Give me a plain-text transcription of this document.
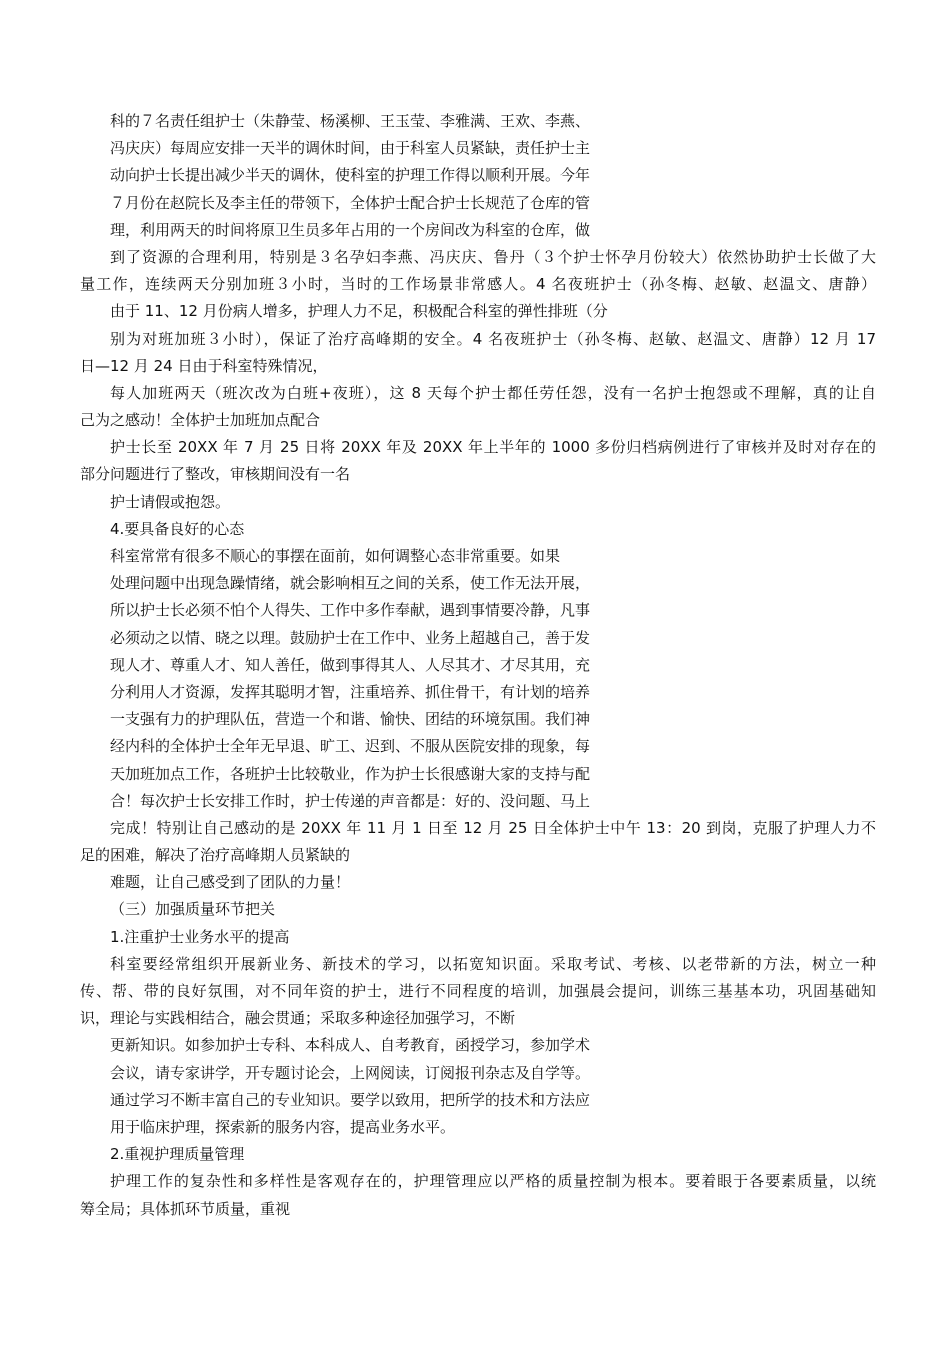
科的７名责任组护士（朱静莹、杨溪柳、王玉莹、李雅满、王欢、李燕、
冯庆庆）每周应安排一天半的调休时间，由于科室人员紧缺，责任护士主
动向护士长提出减少半天的调休，使科室的护理工作得以顺利开展。今年
７月份在赵院长及李主任的带领下，全体护士配合护士长规范了仓库的管
理，利用两天的时间将原卫生员多年占用的一个房间改为科室的仓库，做
到了资源的合理利用，特别是３名孕妇李燕、冯庆庆、鲁丹（３个护士怀孕月份较大）依然协助护士长做了大
量工作，连续两天分别加班３小时，当时的工作场景非常感人。4 名夜班护士（孙冬梅、赵敏、赵温文、唐静）
由于 11、12 月份病人增多，护理人力不足，积极配合科室的弹性排班（分
别为对班加班３小时），保证了治疗高峰期的安全。4 名夜班护士（孙冬梅、赵敏、赵温文、唐静）12 月 17
日—12 月 24 日由于科室特殊情况，
每人加班两天（班次改为白班+夜班），这 8 天每个护士都任劳任怨，没有一名护士抱怨或不理解，真的让自
己为之感动！全体护士加班加点配合
护士长至 20XX 年 7 月 25 日将 20XX 年及 20XX 年上半年的 1000 多份归档病例进行了审核并及时对存在的
部分问题进行了整改，审核期间没有一名
护士请假或抱怨。
4.要具备良好的心态
科室常常有很多不顺心的事摆在面前，如何调整心态非常重要。如果
处理问题中出现急躁情绪，就会影响相互之间的关系，使工作无法开展，
所以护士长必须不怕个人得失、工作中多作奉献，遇到事情要冷静，凡事
必须动之以情、晓之以理。鼓励护士在工作中、业务上超越自己，善于发
现人才、尊重人才、知人善任，做到事得其人、人尽其才、才尽其用，充
分利用人才资源，发挥其聪明才智，注重培养、抓住骨干，有计划的培养
一支强有力的护理队伍，营造一个和谐、愉快、团结的环境氛围。我们神
经内科的全体护士全年无早退、旷工、迟到、不服从医院安排的现象，每
天加班加点工作，各班护士比较敬业，作为护士长很感谢大家的支持与配
合！每次护士长安排工作时，护士传递的声音都是：好的、没问题、马上
完成！特别让自己感动的是 20XX 年 11 月 1 日至 12 月 25 日全体护士中午 13：20 到岗，克服了护理人力不
足的困难，解决了治疗高峰期人员紧缺的
难题，让自己感受到了团队的力量！
（三）加强质量环节把关
1.注重护士业务水平的提高
科室要经常组织开展新业务、新技术的学习，以拓宽知识面。采取考试、考核、以老带新的方法，树立一种
传、帮、带的良好氛围，对不同年资的护士，进行不同程度的培训，加强晨会提问，训练三基基本功，巩固基础知
识，理论与实践相结合，融会贯通；采取多种途径加强学习，不断
更新知识。如参加护士专科、本科成人、自考教育，函授学习，参加学术
会议，请专家讲学，开专题讨论会，上网阅读，订阅报刊杂志及自学等。
通过学习不断丰富自己的专业知识。要学以致用，把所学的技术和方法应
用于临床护理，探索新的服务内容，提高业务水平。
2.重视护理质量管理
护理工作的复杂性和多样性是客观存在的，护理管理应以严格的质量控制为根本。要着眼于各要素质量，以统
筹全局；具体抓环节质量，重视
